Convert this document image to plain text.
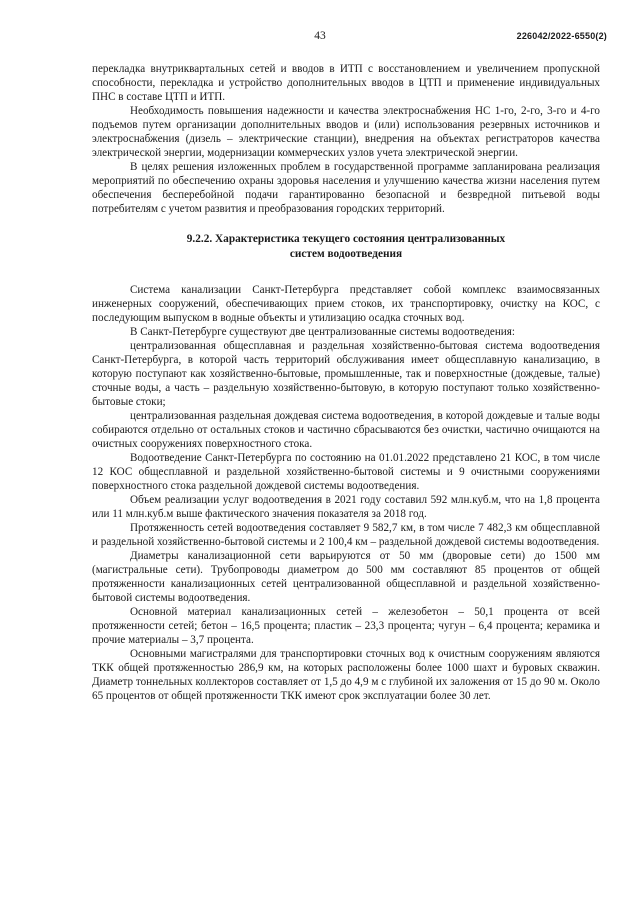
43	226042/2022-6550(2)

перекладка внутриквартальных сетей и вводов в ИТП с восстановлением и увеличением пропускной способности, перекладка и устройство дополнительных вводов в ЦТП и применение индивидуальных ПНС в составе ЦТП и ИТП.

Необходимость повышения надежности и качества электроснабжения НС 1-го, 2-го, 3-го и 4-го подъемов путем организации дополнительных вводов и (или) использования резервных источников и электроснабжения (дизель – электрические станции), внедрения на объектах регистраторов качества электрической энергии, модернизации коммерческих узлов учета электрической энергии.

В целях решения изложенных проблем в государственной программе запланирована реализация мероприятий по обеспечению охраны здоровья населения и улучшению качества жизни населения путем обеспечения бесперебойной подачи гарантированно безопасной и безвредной питьевой воды потребителям с учетом развития и преобразования городских территорий.

9.2.2. Характеристика текущего состояния централизованных
систем водоотведения

Система канализации Санкт-Петербурга представляет собой комплекс взаимосвязанных инженерных сооружений, обеспечивающих прием стоков, их транспортировку, очистку на КОС, с последующим выпуском в водные объекты и утилизацию осадка сточных вод.

В Санкт-Петербурге существуют две централизованные системы водоотведения:

централизованная общесплавная и раздельная хозяйственно-бытовая система водоотведения Санкт-Петербурга, в которой часть территорий обслуживания имеет общесплавную канализацию, в которую поступают как хозяйственно-бытовые, промышленные, так и поверхностные (дождевые, талые) сточные воды, а часть – раздельную хозяйственно-бытовую, в которую поступают только хозяйственно-бытовые стоки;

централизованная раздельная дождевая система водоотведения, в которой дождевые и талые воды собираются отдельно от остальных стоков и частично сбрасываются без очистки, частично очищаются на очистных сооружениях поверхностного стока.

Водоотведение Санкт-Петербурга по состоянию на 01.01.2022 представлено 21 КОС, в том числе 12 КОС общесплавной и раздельной хозяйственно-бытовой системы и 9 очистными сооружениями поверхностного стока раздельной дождевой системы водоотведения.

Объем реализации услуг водоотведения в 2021 году составил 592 млн.куб.м, что на 1,8 процента или 11 млн.куб.м выше фактического значения показателя за 2018 год.

Протяженность сетей водоотведения составляет 9 582,7 км, в том числе 7 482,3 км общесплавной и раздельной хозяйственно-бытовой системы и 2 100,4 км – раздельной дождевой системы водоотведения.

Диаметры канализационной сети варьируются от 50 мм (дворовые сети) до 1500 мм (магистральные сети). Трубопроводы диаметром до 500 мм составляют 85 процентов от общей протяженности канализационных сетей централизованной общесплавной и раздельной хозяйственно-бытовой системы водоотведения.

Основной материал канализационных сетей – железобетон – 50,1 процента от всей протяженности сетей; бетон – 16,5 процента; пластик – 23,3 процента; чугун – 6,4 процента; керамика и прочие материалы – 3,7 процента.

Основными магистралями для транспортировки сточных вод к очистным сооружениям являются ТКК общей протяженностью 286,9 км, на которых расположены более 1000 шахт и буровых скважин. Диаметр тоннельных коллекторов составляет от 1,5 до 4,9 м с глубиной их заложения от 15 до 90 м. Около 65 процентов от общей протяженности ТКК имеют срок эксплуатации более 30 лет.
